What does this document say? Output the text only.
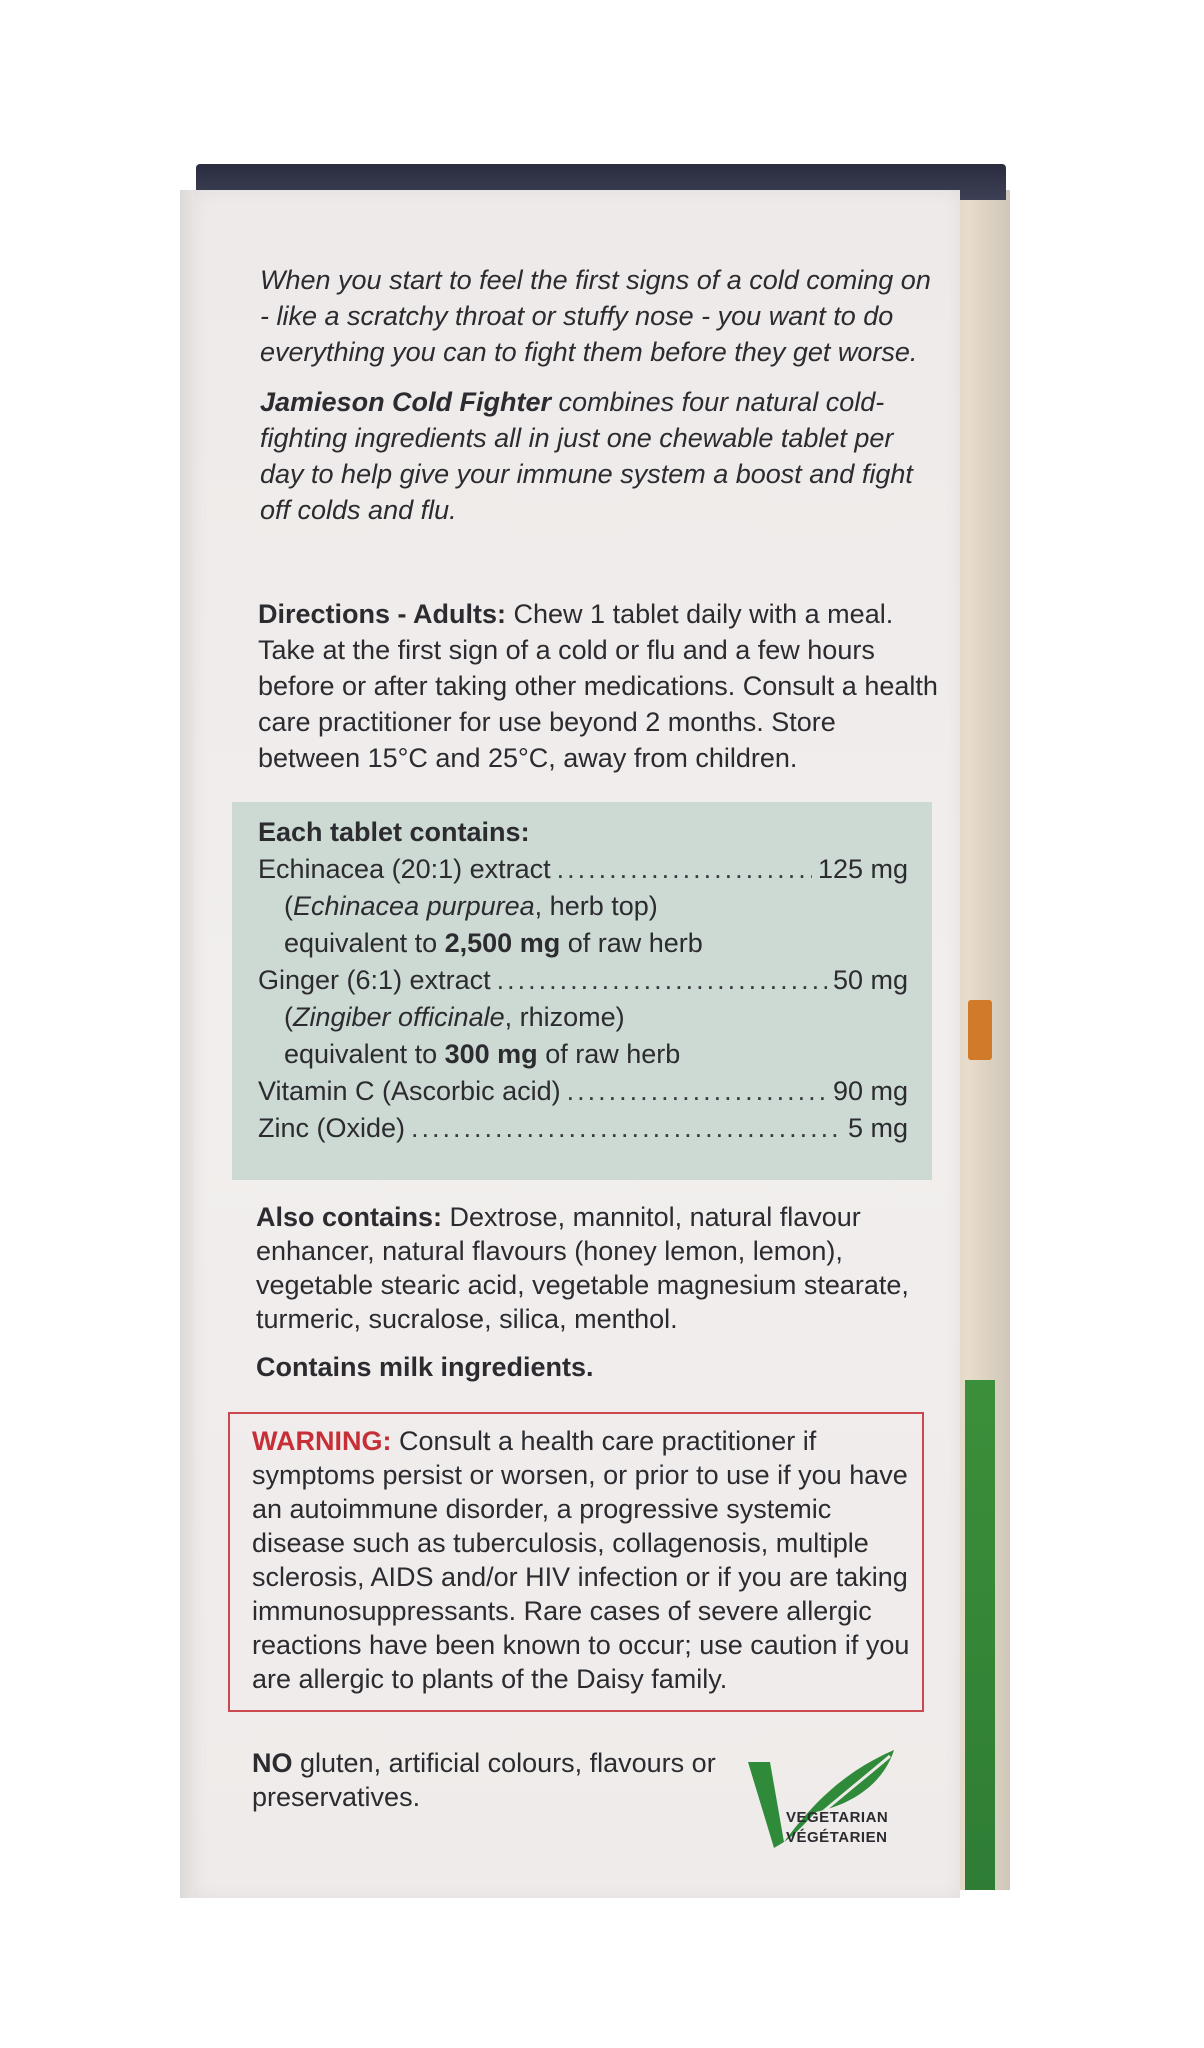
When you start to feel the first signs of a cold coming on - like a scratchy throat or stuffy nose - you want to do everything you can to fight them before they get worse.

Jamieson Cold Fighter combines four natural cold-fighting ingredients all in just one chewable tablet per day to help give your immune system a boost and fight off colds and flu.

Directions - Adults: Chew 1 tablet daily with a meal. Take at the first sign of a cold or flu and a few hours before or after taking other medications. Consult a health care practitioner for use beyond 2 months. Store between 15°C and 25°C, away from children.
Each tablet contains:
Echinacea (20:1) extract .....	125 mg
(Echinacea purpurea, herb top)
equivalent to 2,500 mg of raw herb
Ginger (6:1) extract .....	50 mg
(Zingiber officinale, rhizome)
equivalent to 300 mg of raw herb
Vitamin C (Ascorbic acid) .....	90 mg
Zinc (Oxide) .....	5 mg
Also contains: Dextrose, mannitol, natural flavour enhancer, natural flavours (honey lemon, lemon), vegetable stearic acid, vegetable magnesium stearate, turmeric, sucralose, silica, menthol.
Contains milk ingredients.
WARNING: Consult a health care practitioner if symptoms persist or worsen, or prior to use if you have an autoimmune disorder, a progressive systemic disease such as tuberculosis, collagenosis, multiple sclerosis, AIDS and/or HIV infection or if you are taking immunosuppressants. Rare cases of severe allergic reactions have been known to occur; use caution if you are allergic to plants of the Daisy family.
NO gluten, artificial colours, flavours or preservatives.
VEGETARIAN
VÉGÉTARIEN
